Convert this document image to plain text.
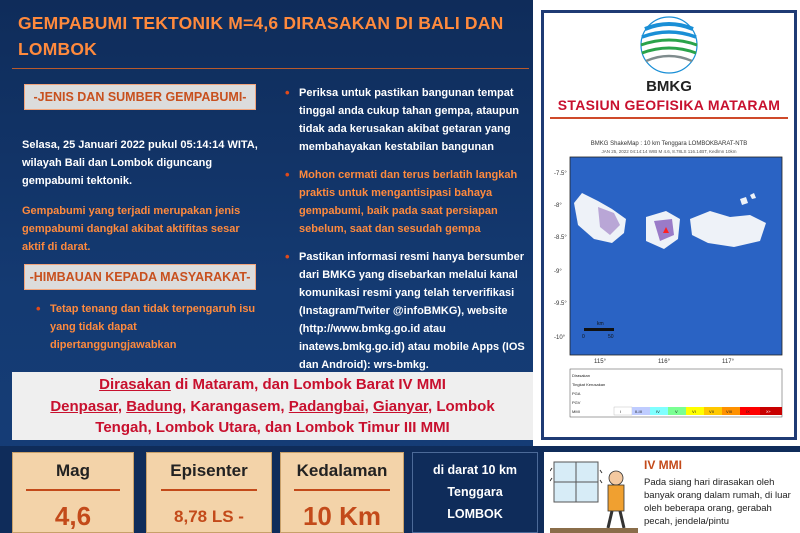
GEMPABUMI TEKTONIK M=4,6 DIRASAKAN DI BALI DAN LOMBOK
-JENIS DAN SUMBER GEMPABUMI-
Selasa, 25 Januari 2022 pukul 05:14:14 WITA, wilayah Bali dan Lombok diguncang gempabumi tektonik.
Gempabumi yang terjadi merupakan jenis gempabumi dangkal akibat aktifitas sesar aktif di darat.
-HIMBAUAN KEPADA MASYARAKAT-
• Tetap tenang dan tidak terpengaruh isu yang tidak dapat dipertanggungjawabkan
• Periksa untuk pastikan bangunan tempat tinggal anda cukup tahan gempa, ataupun tidak ada kerusakan akibat getaran yang membahayakan kestabilan bangunan
• Mohon cermati dan terus berlatih langkah praktis untuk mengantisipasi bahaya gempabumi, baik pada saat persiapan sebelum, saat dan sesudah gempa
• Pastikan informasi resmi hanya bersumber dari BMKG yang disebarkan melalui kanal komunikasi resmi yang telah terverifikasi (Instagram/Twiter @infoBMKG), website (http://www.bmkg.go.id atau inatews.bmkg.go.id) atau mobile Apps (IOS dan Android): wrs-bmkg.
Dirasakan di Mataram, dan Lombok Barat IV MMI
Denpasar, Badung, Karangasem, Padangbai, Gianyar, Lombok
Tengah, Lombok Utara, dan Lombok Timur III MMI
Mag
4,6
Episenter
8,78 LS -
Kedalaman
10 Km
di darat 10 km
Tenggara
LOMBOK
BMKG
STASIUN GEOFISIKA MATARAM
BMKG ShakeMap : 10 km Tenggara LOMBOKBARAT-NTB
JAN 25, 2022 04:14:14 WIB M 4.6, 8.78LS 116.14BT, Kedlmn 10km
-7.5°
-8°
-8.5°
-9°
-9.5°
-10°
115°	116°	117°
km
0	50
Dirasakan
Tingkat Kerusakan
PGA
PGV
MMI	I	II-III	IV	V	VI	VII	VIII	IX	X+
IV MMI
Pada siang hari dirasakan oleh banyak orang dalam rumah, di luar oleh beberapa orang, gerabah pecah, jendela/pintu
